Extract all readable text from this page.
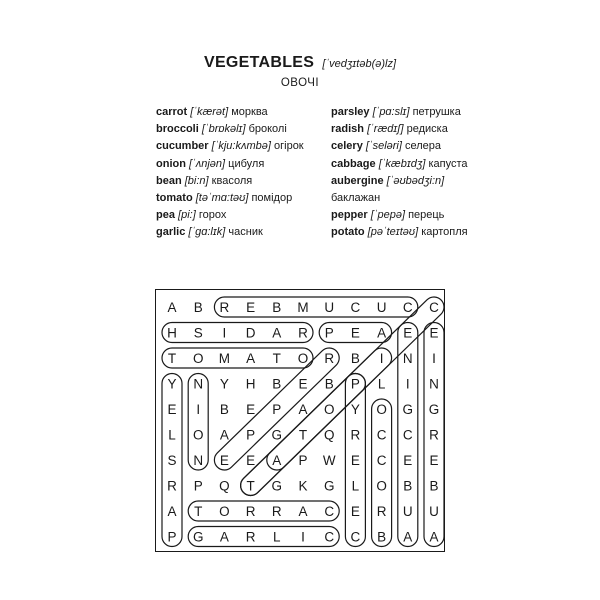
VEGETABLES [ˈvedʒɪtəb(ə)lz]
ОВОЧІ
carrot [ˈkærət] морква
broccoli [ˈbrɒkəlɪ] броколі
cucumber [ˈkju:kʌmbə] огірок
onion [ˈʌnjən] цибуля
bean [bi:n] квасоля
tomato [təˈmɑ:təʊ] помідор
pea [pi:] горох
garlic [ˈgɑ:lɪk] часник
parsley [ˈpɑ:slɪ] петрушка
radish [ˈrædɪʃ] редиска
celery [ˈseləri] селера
cabbage [ˈkæbɪdʒ] капуста
aubergine [ˈəʊbədʒi:n]
баклажан
pepper [ˈpepə] перець
potato [pəˈteɪtəʊ] картопля
A B R E B M U C U C C
H S I D A R P E A E E
T O M A T O R B I N I
Y N Y H B E B P L I N
E I B E P A O Y O G G
L O A P G T Q R C C R
S N E E A P W E C E E
R P Q T G K G L O B B
A T O R R A C E R U U
P G A R L I C C B A A
